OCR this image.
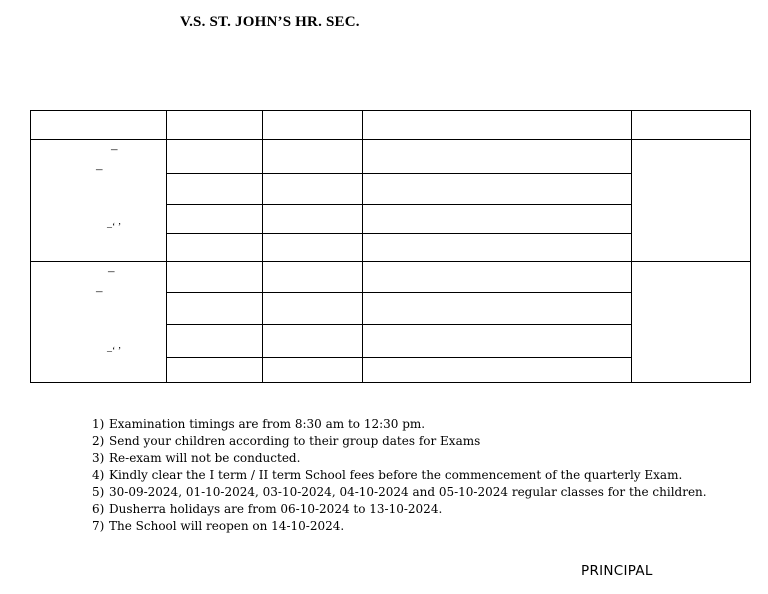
V.S. ST. JOHN’S HR. SEC.
–
–
–‘ ’
–
–
–‘ ’
1) Examination timings are from 8:30 am to 12:30 pm.
2) Send your children according to their group dates for Exams
3) Re-exam will not be conducted.
4) Kindly clear the I term / II term School fees before the commencement of the quarterly Exam.
5) 30-09-2024, 01-10-2024, 03-10-2024, 04-10-2024 and 05-10-2024 regular classes for the children.
6) Dusherra holidays are from 06-10-2024 to 13-10-2024.
7) The School will reopen on 14-10-2024.
PRINCIPAL
